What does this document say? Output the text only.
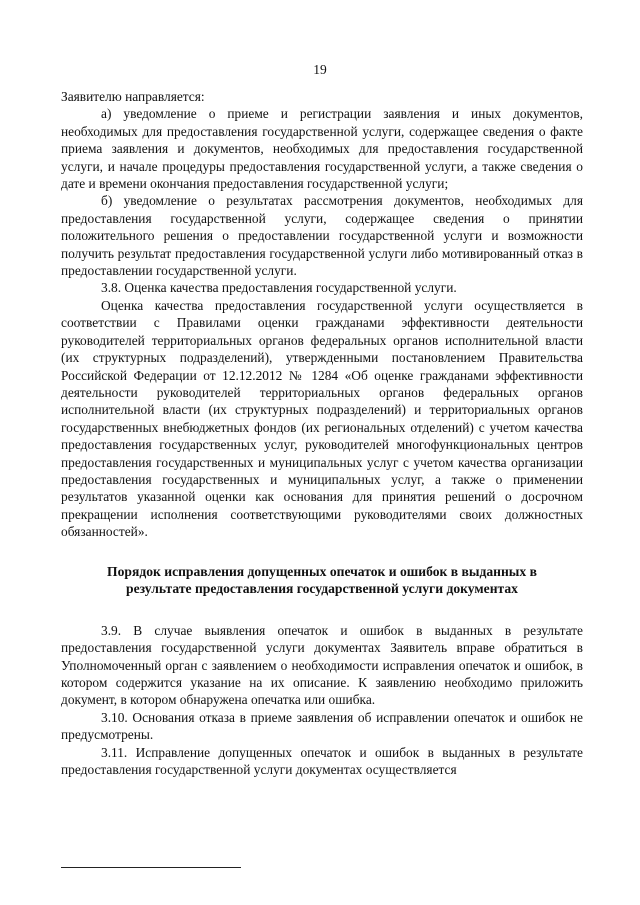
19

Заявителю направляется:

а) уведомление о приеме и регистрации заявления и иных документов, необходимых для предоставления государственной услуги, содержащее сведения о факте приема заявления и документов, необходимых для предоставления государственной услуги, и начале процедуры предоставления государственной услуги, а также сведения о дате и времени окончания предоставления государственной услуги;

б) уведомление о результатах рассмотрения документов, необходимых для предоставления государственной услуги, содержащее сведения о принятии положительного решения о предоставлении государственной услуги и возможности получить результат предоставления государственной услуги либо мотивированный отказ в предоставлении государственной услуги.

3.8. Оценка качества предоставления государственной услуги.

Оценка качества предоставления государственной услуги осуществляется в соответствии с Правилами оценки гражданами эффективности деятельности руководителей территориальных органов федеральных органов исполнительной власти (их структурных подразделений), утвержденными постановлением Правительства Российской Федерации от 12.12.2012 № 1284 «Об оценке гражданами эффективности деятельности руководителей территориальных органов федеральных органов исполнительной власти (их структурных подразделений) и территориальных органов государственных внебюджетных фондов (их региональных отделений) с учетом качества предоставления государственных услуг, руководителей многофункциональных центров предоставления государственных и муниципальных услуг с учетом качества организации предоставления государственных и муниципальных услуг, а также о применении результатов указанной оценки как основания для принятия решений о досрочном прекращении исполнения соответствующими руководителями своих должностных обязанностей».

Порядок исправления допущенных опечаток и ошибок в выданных в результате предоставления государственной услуги документах

3.9. В случае выявления опечаток и ошибок в выданных в результате предоставления государственной услуги документах Заявитель вправе обратиться в Уполномоченный орган с заявлением о необходимости исправления опечаток и ошибок, в котором содержится указание на их описание. К заявлению необходимо приложить документ, в котором обнаружена опечатка или ошибка.

3.10. Основания отказа в приеме заявления об исправлении опечаток и ошибок не предусмотрены.

3.11. Исправление допущенных опечаток и ошибок в выданных в результате предоставления государственной услуги документах осуществляется
